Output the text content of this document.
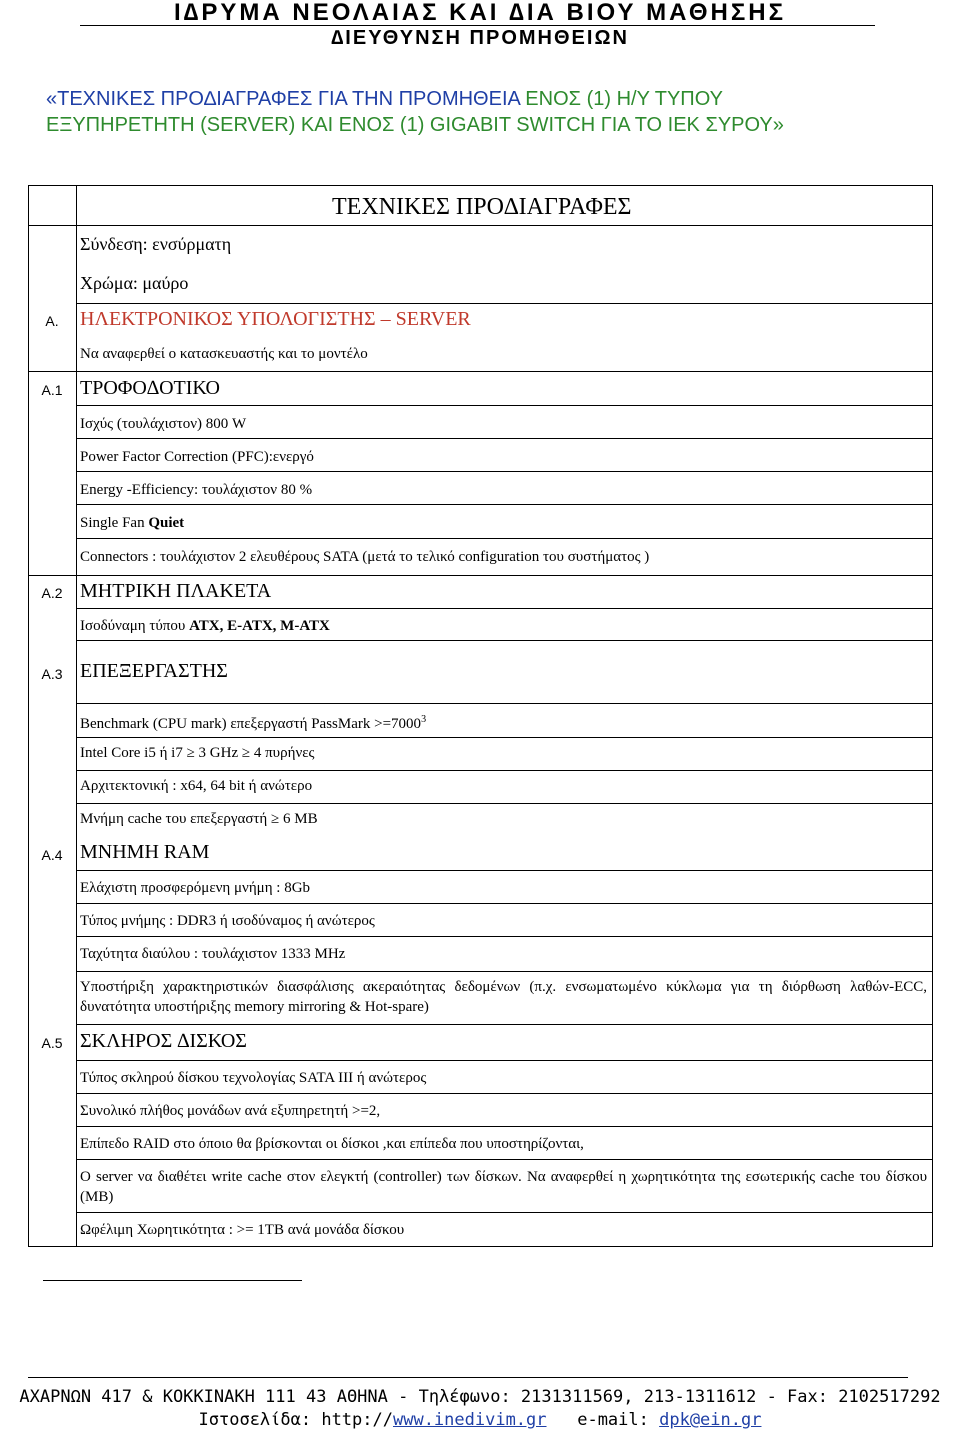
Ι∆ΡΥΜΑ ΝΕΟΛΑΙΑΣ ΚΑΙ ∆ΙΑ ΒΙΟΥ ΜΑΘΗΣΗΣ
∆ΙΕΥΘΥΝΣΗ ΠΡΟΜΗΘΕΙΩΝ
«ΤΕΧΝΙΚΕΣ ΠΡΟ∆ΙΑΓΡΑΦΕΣ ΓΙΑ ΤΗΝ ΠΡΟΜΗΘΕΙΑ ΕΝΟΣ (1) Η/Υ ΤΥΠΟΥ
ΕΞΥΠΗΡΕΤΗΤΗ (SERVER) ΚΑΙ ΕΝΟΣ (1) GIGABIT SWITCH ΓΙΑ ΤΟ ΙΕΚ ΣΥΡΟΥ»
ΤΕΧΝΙΚΕΣ ΠΡΟ∆ΙΑΓΡΑΦΕΣ
Σύνδεση: ενσύρματη
Χρώμα: μαύρο
Α.	ΗΛΕΚΤΡΟΝΙΚΟΣ ΥΠΟΛΟΓΙΣΤΗΣ – SERVER
Να αναφερθεί ο κατασκευαστής και το μοντέλο
Α.1 ΤΡΟΦΟ∆ΟΤΙΚΟ
Ισχύς (τουλάχιστον) 800 W
Power Factor Correction (PFC):ενεργό
Energy -Efficiency: τουλάχιστον 80 %
Single Fan Quiet
Connectors : τουλάχιστον 2 ελευθέρους SATA (μετά το τελικό configuration του συστήματος )
Α.2 ΜΗΤΡΙΚΗ ΠΛΑΚΕΤΑ
Ισοδύναμη τύπου ATX, E-ATX, M-ATX
Α.3 ΕΠΕΞΕΡΓΑΣΤΗΣ
Benchmark (CPU mark) επεξεργαστή PassMark $>=7000^3$
Intel Core i5 ή i7 ≥ 3 GHz ≥ 4 πυρήνες
Αρχιτεκτονική : x64, 64 bit ή ανώτερο
Μνήμη cache του επεξεργαστή ≥ 6 MB
Α.4 ΜΝΗΜΗ RAM
Ελάχιστη προσφερόμενη μνήμη : 8Gb
Τύπος μνήμης : DDR3 ή ισοδύναμος ή ανώτερος
Ταχύτητα διαύλου : τουλάχιστον 1333 MHz
Υποστήριξη χαρακτηριστικών διασφάλισης ακεραιότητας δεδομένων (π.χ. ενσωματωμένο κύκλωμα για τη διόρθωση λαθών-ECC, δυνατότητα υποστήριξης memory mirroring & Hot-spare)
Α.5 ΣΚΛΗΡΟΣ ∆ΙΣΚΟΣ
Τύπος σκληρού δίσκου τεχνολογίας SATA III ή ανώτερος
Συνολικό πλήθος μονάδων ανά εξυπηρετητή >=2,
Επίπεδο RAID στο όποιο θα βρίσκονται οι δίσκοι ,και επίπεδα που υποστηρίζονται,
Ο server να διαθέτει write cache στον ελεγκτή (controller) των δίσκων. Να αναφερθεί η χωρητικότητα της εσωτερικής cache του δίσκου (MB)
Ωφέλιμη Χωρητικότητα : >= 1TB ανά μονάδα δίσκου
ΑΧΑΡΝΩΝ 417 & ΚΟΚΚΙΝΑΚΗ 111 43 ΑΘΗΝΑ - Τηλέφωνο: 2131311569, 213-1311612 - Fax: 2102517292
Ιστοσελίδα: http://www.inedivim.gr   e-mail: dpk@ein.gr
